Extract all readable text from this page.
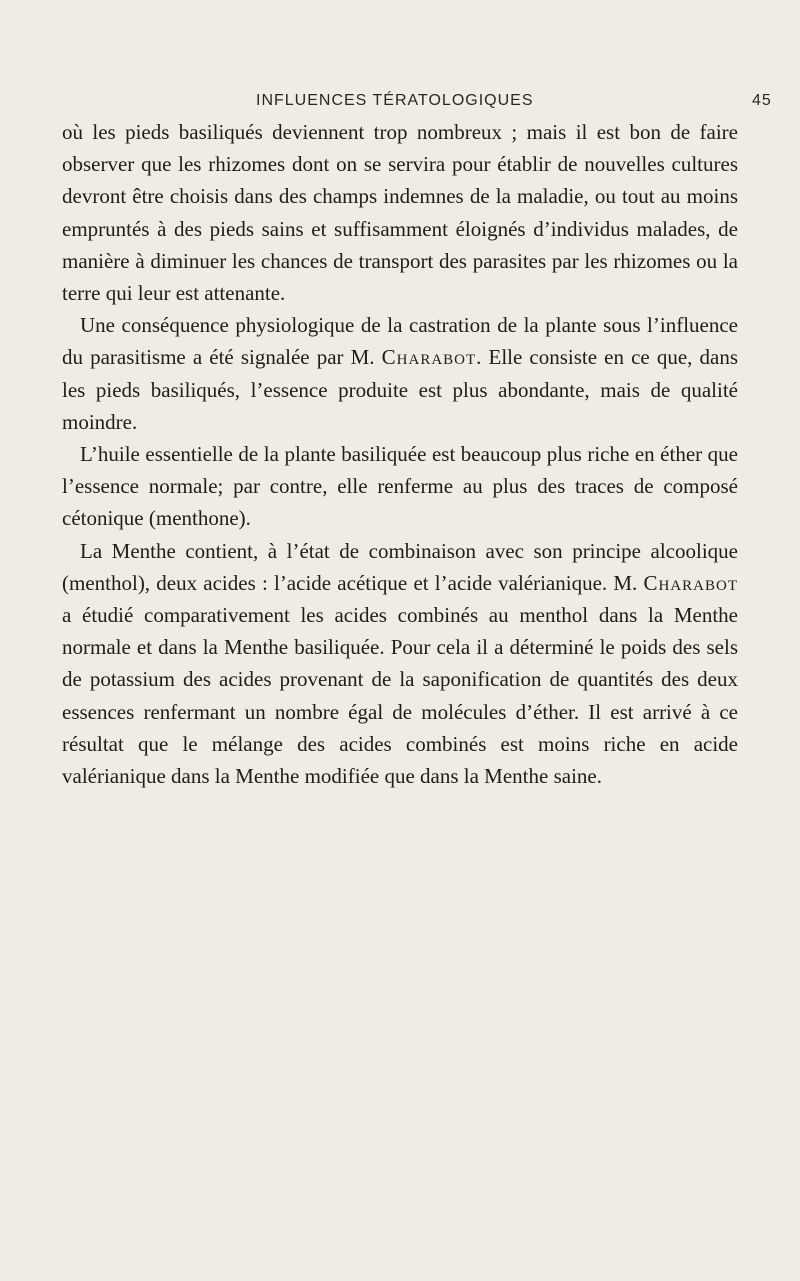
INFLUENCES TÉRATOLOGIQUES	45

où les pieds basiliqués deviennent trop nombreux ; mais il est bon de faire observer que les rhizomes dont on se servira pour établir de nouvelles cultures devront être choisis dans des champs indemnes de la maladie, ou tout au moins empruntés à des pieds sains et suffisamment éloignés d’individus malades, de manière à diminuer les chances de transport des parasites par les rhizomes ou la terre qui leur est attenante.

Une conséquence physiologique de la castration de la plante sous l’influence du parasitisme a été signalée par M. Charabot. Elle consiste en ce que, dans les pieds basiliqués, l’essence produite est plus abondante, mais de qualité moindre.

L’huile essentielle de la plante basiliquée est beaucoup plus riche en éther que l’essence normale; par contre, elle renferme au plus des traces de composé cétonique (menthone).

La Menthe contient, à l’état de combinaison avec son principe alcoolique (menthol), deux acides : l’acide acétique et l’acide valérianique. M. Charabot a étudié comparativement les acides combinés au menthol dans la Menthe normale et dans la Menthe basiliquée. Pour cela il a déterminé le poids des sels de potassium des acides provenant de la saponification de quantités des deux essences renfermant un nombre égal de molécules d’éther. Il est arrivé à ce résultat que le mélange des acides combinés est moins riche en acide valérianique dans la Menthe modifiée que dans la Menthe saine.
